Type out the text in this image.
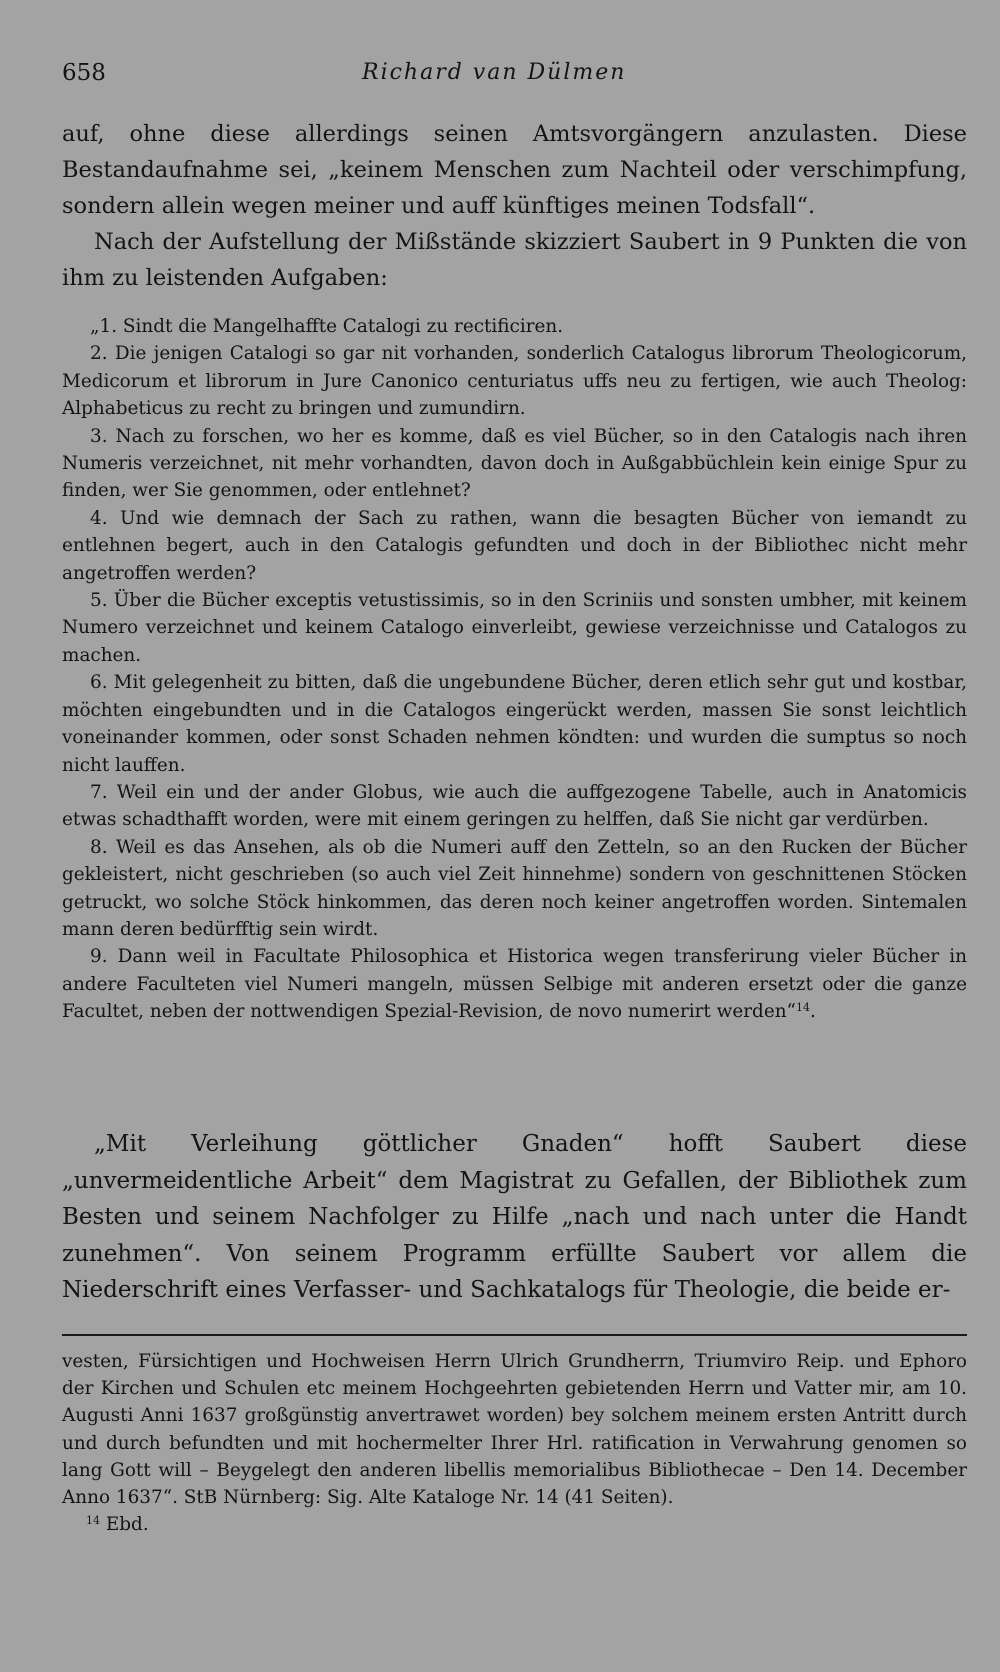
658	Richard van Dülmen

auf, ohne diese allerdings seinen Amtsvorgängern anzulasten. Diese Bestandaufnahme sei, „keinem Menschen zum Nachteil oder verschimpfung, sondern allein wegen meiner und auff künftiges meinen Todsfall“.

Nach der Aufstellung der Mißstände skizziert Saubert in 9 Punkten die von ihm zu leistenden Aufgaben:

„1. Sindt die Mangelhaffte Catalogi zu rectificiren.

2. Die jenigen Catalogi so gar nit vorhanden, sonderlich Catalogus librorum Theologicorum, Medicorum et librorum in Jure Canonico centuriatus uffs neu zu fertigen, wie auch Theolog: Alphabeticus zu recht zu bringen und zumundirn.

3. Nach zu forschen, wo her es komme, daß es viel Bücher, so in den Catalogis nach ihren Numeris verzeichnet, nit mehr vorhandten, davon doch in Außgabbüchlein kein einige Spur zu finden, wer Sie genommen, oder entlehnet?

4. Und wie demnach der Sach zu rathen, wann die besagten Bücher von iemandt zu entlehnen begert, auch in den Catalogis gefundten und doch in der Bibliothec nicht mehr angetroffen werden?

5. Über die Bücher exceptis vetustissimis, so in den Scriniis und sonsten umbher, mit keinem Numero verzeichnet und keinem Catalogo einverleibt, gewiese verzeichnisse und Catalogos zu machen.

6. Mit gelegenheit zu bitten, daß die ungebundene Bücher, deren etlich sehr gut und kostbar, möchten eingebundten und in die Catalogos eingerückt werden, massen Sie sonst leichtlich voneinander kommen, oder sonst Schaden nehmen köndten: und wurden die sumptus so noch nicht lauffen.

7. Weil ein und der ander Globus, wie auch die auffgezogene Tabelle, auch in Anatomicis etwas schadthafft worden, were mit einem geringen zu helffen, daß Sie nicht gar verdürben.

8. Weil es das Ansehen, als ob die Numeri auff den Zetteln, so an den Rucken der Bücher gekleistert, nicht geschrieben (so auch viel Zeit hinnehme) sondern von geschnittenen Stöcken getruckt, wo solche Stöck hinkommen, das deren noch keiner angetroffen worden. Sintemalen mann deren bedürfftig sein wirdt.

9. Dann weil in Facultate Philosophica et Historica wegen transferirung vieler Bücher in andere Faculteten viel Numeri mangeln, müssen Selbige mit anderen ersetzt oder die ganze Facultet, neben der nottwendigen Spezial-Revision, de novo numerirt werden“$^{14}$.

„Mit Verleihung göttlicher Gnaden“ hofft Saubert diese „unvermeidentliche Arbeit“ dem Magistrat zu Gefallen, der Bibliothek zum Besten und seinem Nachfolger zu Hilfe „nach und nach unter die Handt zunehmen“. Von seinem Programm erfüllte Saubert vor allem die Niederschrift eines Verfasser- und Sachkatalogs für Theologie, die beide er-

vesten, Fürsichtigen und Hochweisen Herrn Ulrich Grundherrn, Triumviro Reip. und Ephoro der Kirchen und Schulen etc meinem Hochgeehrten gebietenden Herrn und Vatter mir, am 10. Augusti Anni 1637 großgünstig anvertrawet worden) bey solchem meinem ersten Antritt durch und durch befundten und mit hochermelter Ihrer Hrl. ratification in Verwahrung genomen so lang Gott will – Beygelegt den anderen libellis memorialibus Bibliothecae – Den 14. December Anno 1637“. StB Nürnberg: Sig. Alte Kataloge Nr. 14 (41 Seiten).

$^{14}$ Ebd.
